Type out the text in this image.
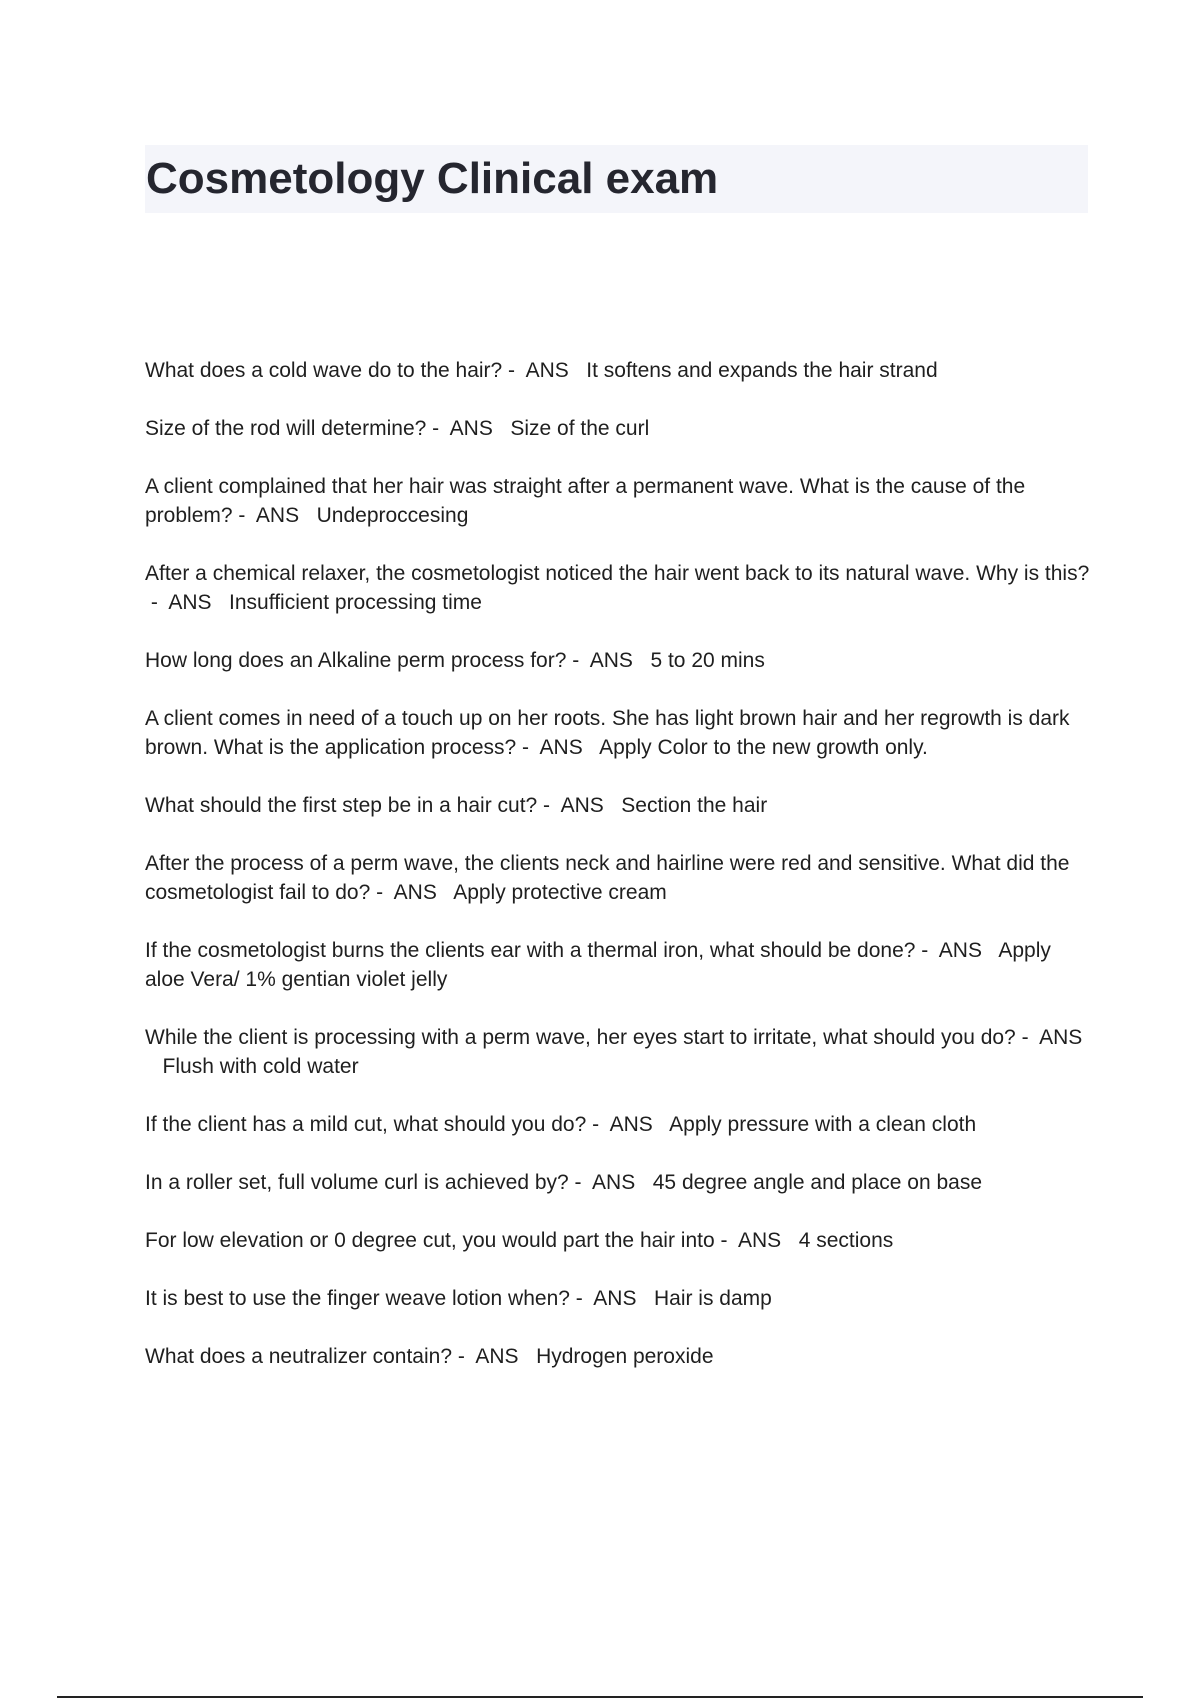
Cosmetology Clinical exam
What does a cold wave do to the hair? -  ANS It softens and expands the hair strand
Size of the rod will determine? -  ANS Size of the curl
A client complained that her hair was straight after a permanent wave. What is the cause of the problem? -  ANS Undeproccesing
After a chemical relaxer, the cosmetologist noticed the hair went back to its natural wave. Why is this? -  ANS Insufficient processing time
How long does an Alkaline perm process for? -  ANS 5 to 20 mins
A client comes in need of a touch up on her roots. She has light brown hair and her regrowth is dark brown. What is the application process? -  ANS Apply Color to the new growth only.
What should the first step be in a hair cut? -  ANS Section the hair
After the process of a perm wave, the clients neck and hairline were red and sensitive. What did the cosmetologist fail to do? -  ANS Apply protective cream
If the cosmetologist burns the clients ear with a thermal iron, what should be done? -  ANS Apply aloe Vera/ 1% gentian violet jelly
While the client is processing with a perm wave, her eyes start to irritate, what should you do? -  ANS   Flush with cold water
If the client has a mild cut, what should you do? -  ANS Apply pressure with a clean cloth
In a roller set, full volume curl is achieved by? -  ANS 45 degree angle and place on base
For low elevation or 0 degree cut, you would part the hair into -  ANS 4 sections
It is best to use the finger weave lotion when? -  ANS Hair is damp
What does a neutralizer contain? -  ANS Hydrogen peroxide
